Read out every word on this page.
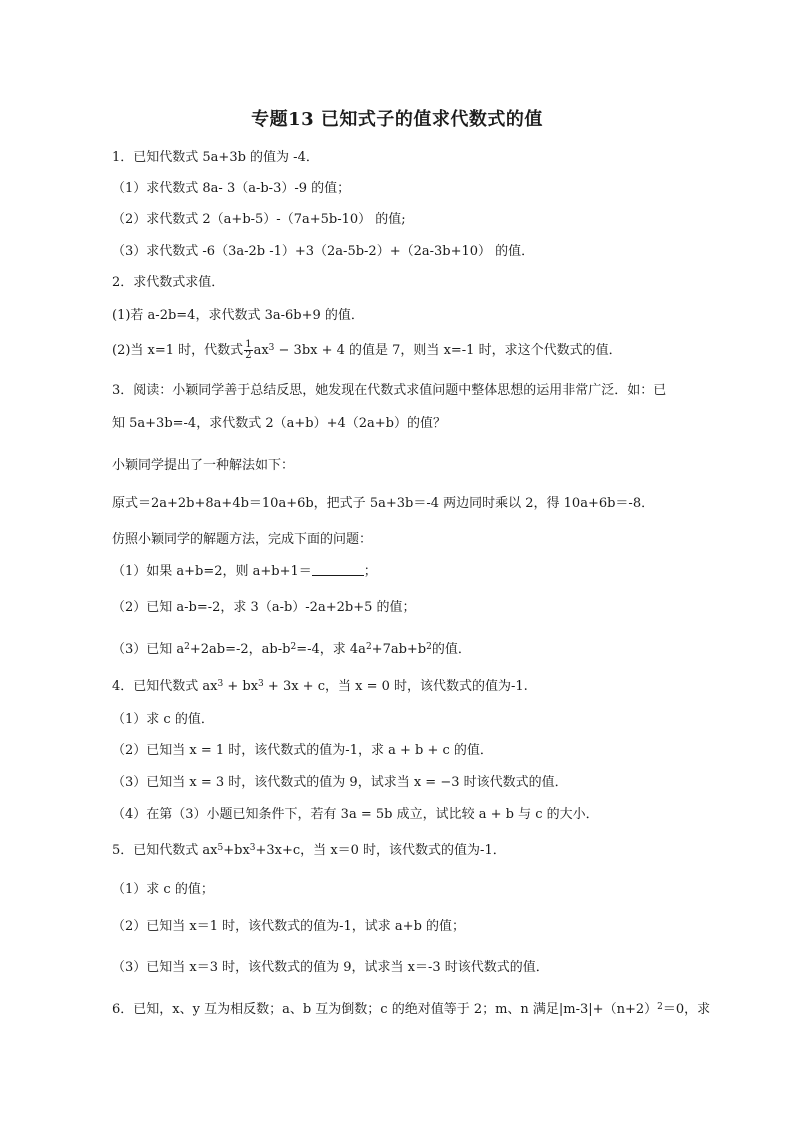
专题13 已知式子的值求代数式的值
1．已知代数式 5a+3b 的值为 -4．
（1）求代数式 8a- 3（a-b-3）-9 的值；
（2）求代数式 2（a+b-5）-（7a+5b-10） 的值;
（3）求代数式 -6（3a-2b -1）+3（2a-5b-2）+（2a-3b+10） 的值．
2．求代数式求值．
(1)若 a-2b=4，求代数式 3a-6b+9 的值．
(2)当 x=1 时，代数式 $\frac{1}{2} ax^3 - 3bx + 4$ 的值是 7，则当 x=-1 时，求这个代数式的值．
3．阅读：小颖同学善于总结反思，她发现在代数式求值问题中整体思想的运用非常广泛．如：已
知 5a+3b=-4，求代数式 2（a+b）+4（2a+b）的值？
小颖同学提出了一种解法如下：
原式＝2a+2b+8a+4b＝10a+6b，把式子 5a+3b＝-4 两边同时乘以 2，得 10a+6b＝-8．
仿照小颖同学的解题方法，完成下面的问题：
（1）如果 a+b=2，则 a+b+1＝	；
（2）已知 a-b=-2，求 3（a-b）-2a+2b+5 的值；
（3）已知 $a^2+2ab=-2$，$ab-b^2=-4$，求 $4a^2+7ab+b^2$的值．
4．已知代数式 $ax^3 + bx^3 + 3x + c$，当 x = 0 时，该代数式的值为-1.
（1）求 c 的值．
（2）已知当 x = 1 时，该代数式的值为-1，求 a + b + c 的值．
（3）已知当 x = 3 时，该代数式的值为 9，试求当 x = −3 时该代数式的值．
（4）在第（3）小题已知条件下，若有 3a = 5b 成立，试比较 a + b 与 c 的大小．
5．已知代数式 $ax^5+bx^3+3x+c$，当 x＝0 时，该代数式的值为-1．
（1）求 c 的值；
（2）已知当 x＝1 时，该代数式的值为-1，试求 a+b 的值；
（3）已知当 x＝3 时，该代数式的值为 9，试求当 x＝-3 时该代数式的值．
6．已知，x、y 互为相反数；a、b 互为倒数；c 的绝对值等于 2；m、n 满足$|m-3|+(n+2)^2=0$，求
